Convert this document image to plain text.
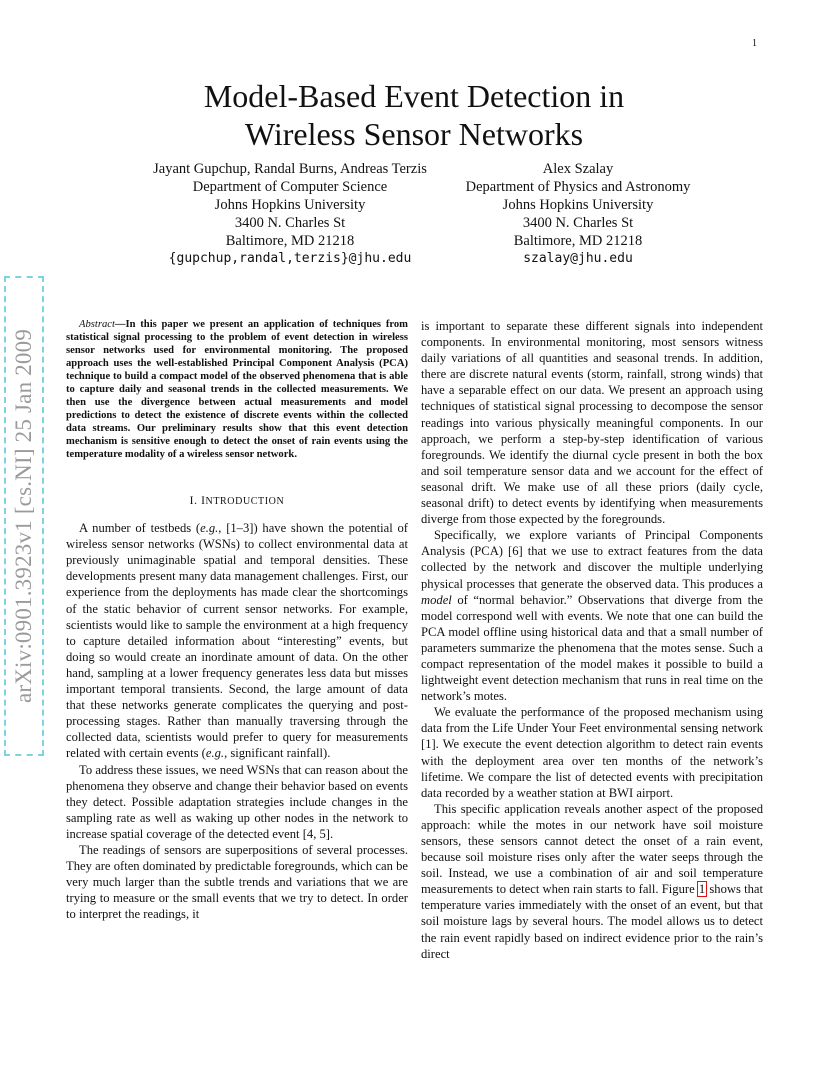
1
Model-Based Event Detection in
Wireless Sensor Networks
Jayant Gupchup, Randal Burns, Andreas Terzis
Department of Computer Science
Johns Hopkins University
3400 N. Charles St
Baltimore, MD 21218
{gupchup,randal,terzis}@jhu.edu
Alex Szalay
Department of Physics and Astronomy
Johns Hopkins University
3400 N. Charles St
Baltimore, MD 21218
szalay@jhu.edu
arXiv:0901.3923v1 [cs.NI] 25 Jan 2009

Abstract—In this paper we present an application of techniques from statistical signal processing to the problem of event detection in wireless sensor networks used for environmental monitoring. The proposed approach uses the well-established Principal Component Analysis (PCA) technique to build a compact model of the observed phenomena that is able to capture daily and seasonal trends in the collected measurements. We then use the divergence between actual measurements and model predictions to detect the existence of discrete events within the collected data streams. Our preliminary results show that this event detection mechanism is sensitive enough to detect the onset of rain events using the temperature modality of a wireless sensor network.

I. INTRODUCTION

A number of testbeds (e.g., [1–3]) have shown the potential of wireless sensor networks (WSNs) to collect environmental data at previously unimaginable spatial and temporal densities. These developments present many data management challenges. First, our experience from the deployments has made clear the shortcomings of the static behavior of current sensor networks. For example, scientists would like to sample the environment at a high frequency to capture detailed information about “interesting” events, but doing so would create an inordinate amount of data. On the other hand, sampling at a lower frequency generates less data but misses important temporal transients. Second, the large amount of data that these networks generate complicates the querying and post-processing stages. Rather than manually traversing through the collected data, scientists would prefer to query for measurements related with certain events (e.g., significant rainfall).

To address these issues, we need WSNs that can reason about the phenomena they observe and change their behavior based on events they detect. Possible adaptation strategies include changes in the sampling rate as well as waking up other nodes in the network to increase spatial coverage of the detected event [4, 5].

The readings of sensors are superpositions of several processes. They are often dominated by predictable foregrounds, which can be very much larger than the subtle trends and variations that we are trying to measure or the small events that we try to detect. In order to interpret the readings, it

is important to separate these different signals into independent components. In environmental monitoring, most sensors witness daily variations of all quantities and seasonal trends. In addition, there are discrete natural events (storm, rainfall, strong winds) that have a separable effect on our data. We present an approach using techniques of statistical signal processing to decompose the sensor readings into various physically meaningful components. In our approach, we perform a step-by-step identification of various foregrounds. We identify the diurnal cycle present in both the box and soil temperature sensor data and we account for the effect of seasonal drift. We make use of all these priors (daily cycle, seasonal drift) to detect events by identifying when measurements diverge from those expected by the foregrounds.

Specifically, we explore variants of Principal Components Analysis (PCA) [6] that we use to extract features from the data collected by the network and discover the multiple underlying physical processes that generate the observed data. This produces a model of “normal behavior.” Observations that diverge from the model correspond well with events. We note that one can build the PCA model offline using historical data and that a small number of parameters summarize the phenomena that the motes sense. Such a compact representation of the model makes it possible to build a lightweight event detection mechanism that runs in real time on the network’s motes.

We evaluate the performance of the proposed mechanism using data from the Life Under Your Feet environmental sensing network [1]. We execute the event detection algorithm to detect rain events with the deployment area over ten months of the network’s lifetime. We compare the list of detected events with precipitation data recorded by a weather station at BWI airport.

This specific application reveals another aspect of the proposed approach: while the motes in our network have soil moisture sensors, these sensors cannot detect the onset of a rain event, because soil moisture rises only after the water seeps through the soil. Instead, we use a combination of air and soil temperature measurements to detect when rain starts to fall. Figure 1 shows that temperature varies immediately with the onset of an event, but that soil moisture lags by several hours. The model allows us to detect the rain event rapidly based on indirect evidence prior to the rain’s direct
